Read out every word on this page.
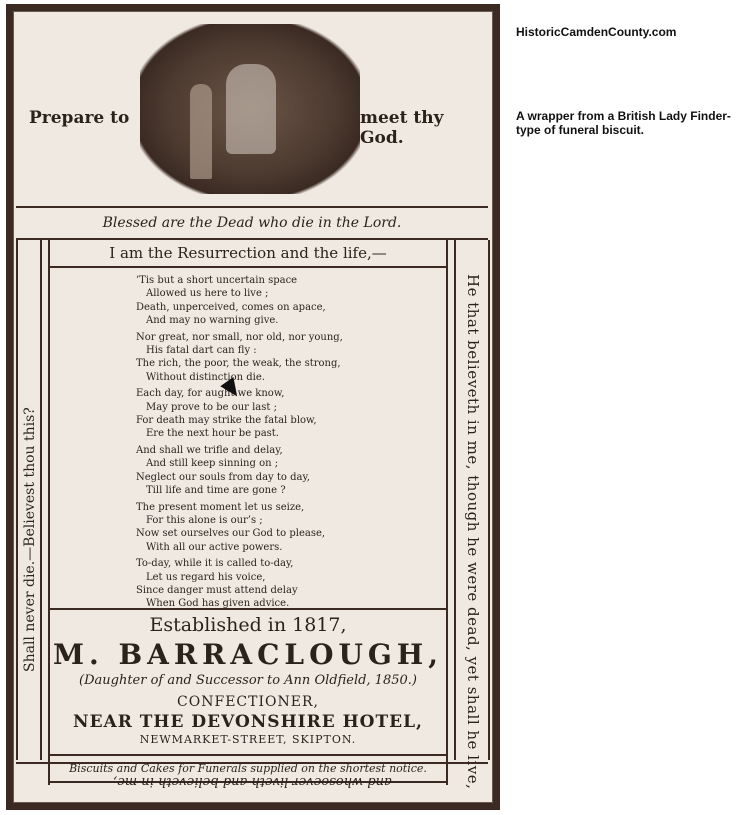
Prepare to	meet thy God.
Blessed are the Dead who die in the Lord.
Shall never die.—Believest thou this?	He that believeth in me, though he were dead, yet shall he live,
I am the Resurrection and the life,—
’Tis but a short uncertain space
Allowed us here to live ;
Death, unperceived, comes on apace,
And may no warning give.
Nor great, nor small, nor old, nor young,
His fatal dart can fly :
The rich, the poor, the weak, the strong,
Without distinction die.
Each day, for aught we know,
May prove to be our last ;
For death may strike the fatal blow,
Ere the next hour be past.
And shall we trifle and delay,
And still keep sinning on ;
Neglect our souls from day to day,
Till life and time are gone ?
The present moment let us seize,
For this alone is our’s ;
Now set ourselves our God to please,
With all our active powers.
To-day, while it is called to-day,
Let us regard his voice,
Since danger must attend delay
When God has given advice.
Established in 1817,
M. BARRACLOUGH,
(Daughter of and Successor to Ann Oldfield, 1850.)
CONFECTIONER,
NEAR THE DEVONSHIRE HOTEL,
NEWMARKET-STREET, SKIPTON.
Biscuits and Cakes for Funerals supplied on the shortest notice.
and whosoever liveth and believeth in me,
HistoricCamdenCounty.com
A wrapper from a British Lady Finder-type of funeral biscuit.
